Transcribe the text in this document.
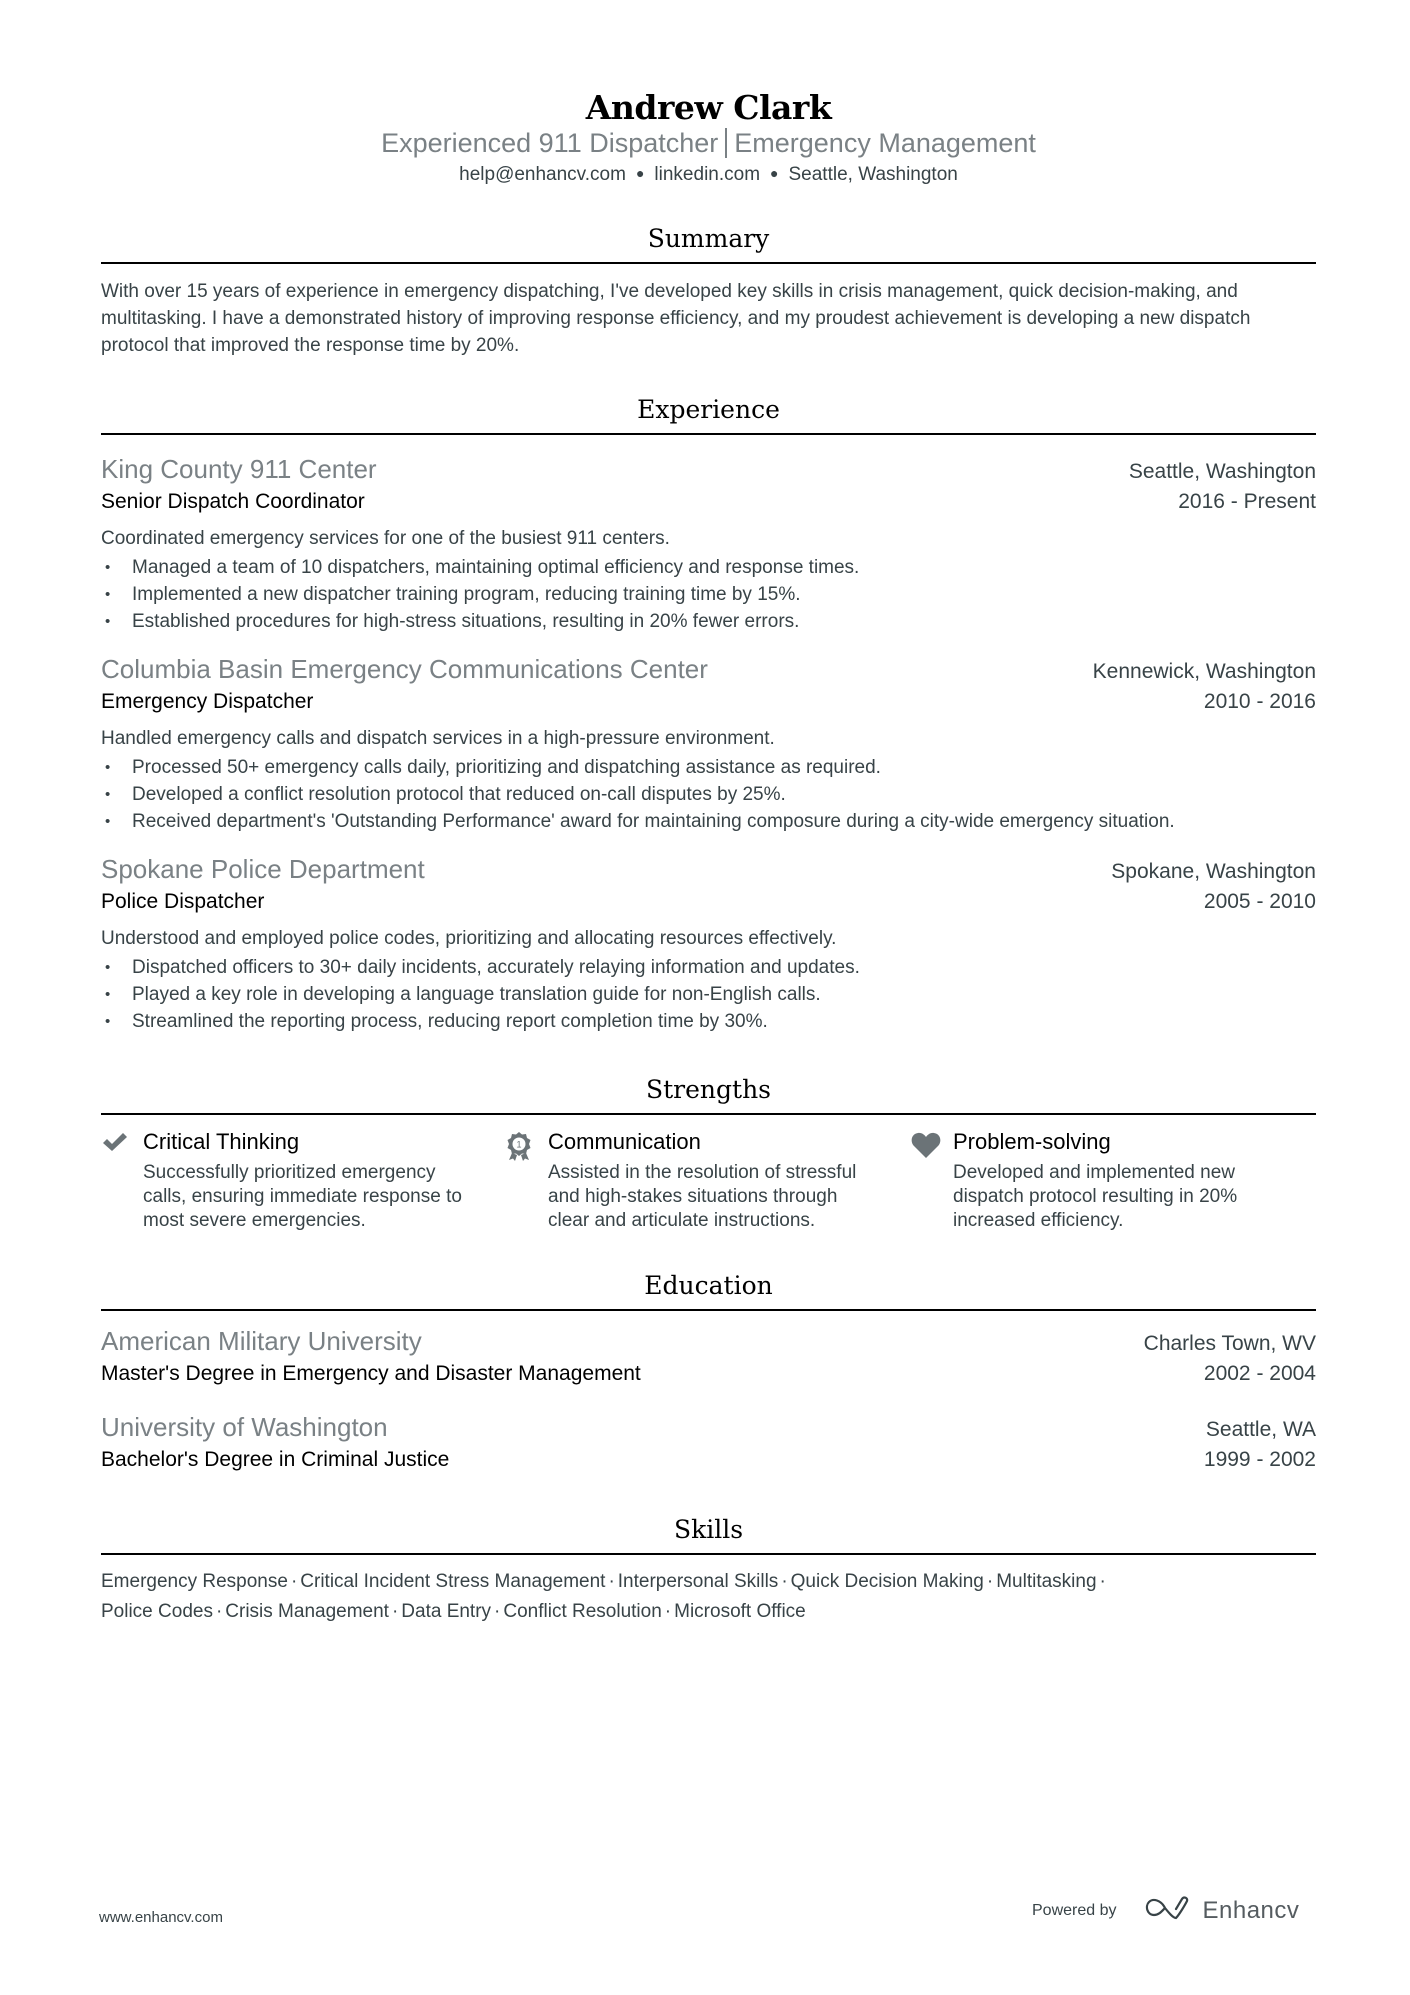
Andrew Clark
Experienced 911 Dispatcher Emergency Management
help@enhancv.com ● linkedin.com ● Seattle, Washington
Summary

With over 15 years of experience in emergency dispatching, I've developed key skills in crisis management, quick decision-making, and multitasking. I have a demonstrated history of improving response efficiency, and my proudest achievement is developing a new dispatch protocol that improved the response time by 20%.

Experience
King County 911 Center	Seattle, Washington
Senior Dispatch Coordinator	2016 - Present

Coordinated emergency services for one of the busiest 911 centers.

• Managed a team of 10 dispatchers, maintaining optimal efficiency and response times.
• Implemented a new dispatcher training program, reducing training time by 15%.
• Established procedures for high-stress situations, resulting in 20% fewer errors.
Columbia Basin Emergency Communications Center	Kennewick, Washington
Emergency Dispatcher	2010 - 2016

Handled emergency calls and dispatch services in a high-pressure environment.

• Processed 50+ emergency calls daily, prioritizing and dispatching assistance as required.
• Developed a conflict resolution protocol that reduced on-call disputes by 25%.
• Received department's 'Outstanding Performance' award for maintaining composure during a city-wide emergency situation.
Spokane Police Department	Spokane, Washington
Police Dispatcher	2005 - 2010

Understood and employed police codes, prioritizing and allocating resources effectively.

• Dispatched officers to 30+ daily incidents, accurately relaying information and updates.
• Played a key role in developing a language translation guide for non-English calls.
• Streamlined the reporting process, reducing report completion time by 30%.
Strengths
Critical Thinking
Successfully prioritized emergency calls, ensuring immediate response to most severe emergencies.
1 Communication
Assisted in the resolution of stressful and high-stakes situations through clear and articulate instructions.
Problem-solving
Developed and implemented new dispatch protocol resulting in 20% increased efficiency.
Education
American Military University	Charles Town, WV
Master's Degree in Emergency and Disaster Management	2002 - 2004
University of Washington	Seattle, WA
Bachelor's Degree in Criminal Justice	1999 - 2002
Skills
Emergency Response · Critical Incident Stress Management · Interpersonal Skills · Quick Decision Making · Multitasking ·
Police Codes · Crisis Management · Data Entry · Conflict Resolution · Microsoft Office
www.enhancv.com	Powered by	Enhancv
